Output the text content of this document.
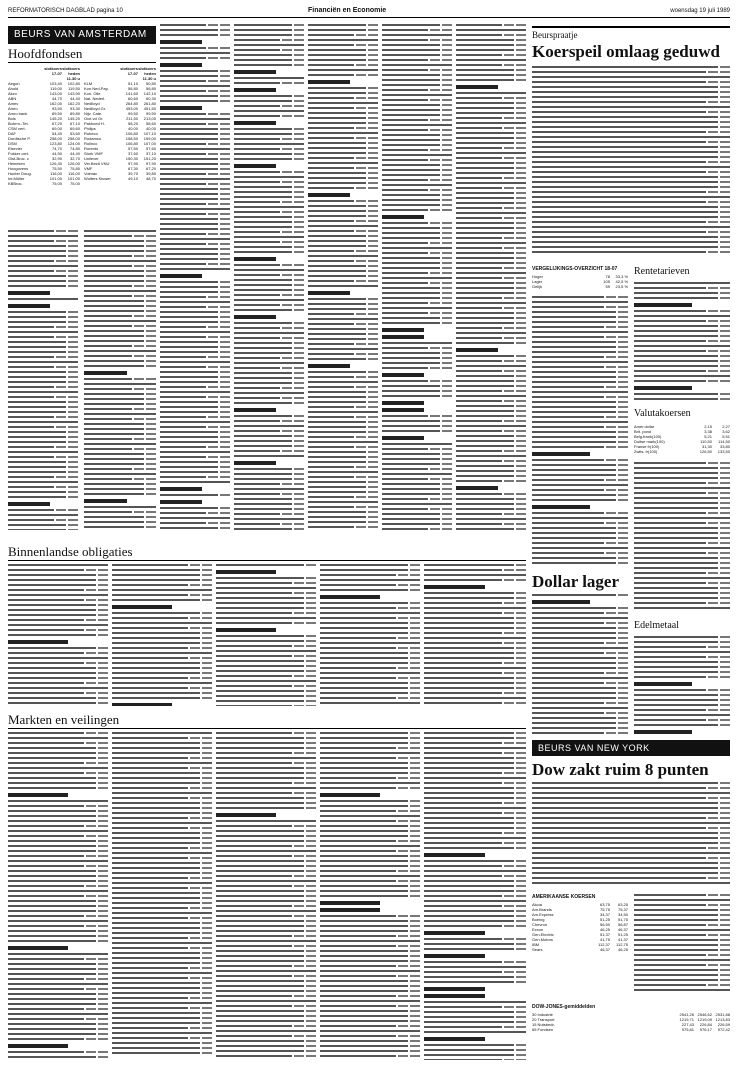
REFORMATORISCH DAGBLAD pagina 10	Financiën en Economie	woensdag 19 juli 1989
BEURS VAN AMSTERDAM
Hoofdfondsen
slotkoers 17-07
slotkoers heden 11.30 u
Aegon	103,40	102,80
Ahold	119,00	119,50
Akzo	143,00	143,90
ABN	44,70	44,40
Amev	162,00	162,20
Amro	93,50	93,30
Amro bank	89,50	89,80
Bols	145,20	145,20
Buhrm.-Tet.	67,20	67,10
CSM cert.	69,00	69,60
DAF	54,40	53,60
Dordtsche P.	258,00	258,00
DSM	123,80	124,00
Elsevier	74,70	74,80
Fokker cert.	44,50	44,40
Gist-Broc. c	32,90	32,70
Heineken	126,30	126,00
Hoogovens	75,50	75,80
Hunter Doug.	116,00	116,00
Int.Müller	101,00	101,00
KBBroc.	75,00	75,00
slotkoers 17-07
slotkoers heden 11.30 u
KLM	51,10	50,80
Kon.Ned.Pap.	56,80	56,80
Kon. Olie	141,60	142,10
Nat. Nederl.	60,60	60,30
Nedlloyd	264,80	261,80
Nedlloyd Gr.	453,00	451,50
Nijv. Cate.	99,50	99,50
Océ-vd Gr.	211,50	213,00
Pakhoed H.	58,20	58,60
Philips	40,00	40,00
Robeco	106,80	107,10
Rodamco	158,50	159,00
Rolinco	106,80	107,00
Rorento	57,50	57,60
Stork VMF	37,60	37,10
Unilever	150,30	151,20
Ver.Bezit VNU	97,90	97,90
VMF	67,30	67,20
Volmac	39,70	39,80
Wolters Kluwer	49,10	48,70
Binnenlandse obligaties
Markten en veilingen
Beurspraatje
Koerspeil omlaag geduwd
VERGELIJKINGS-OVERZICHT 18-07
Hoger	78	33,3 %
Lager	105	42,5 %
Gelijk	59	23,5 %
Rentetarieven
Valutakoersen
Amer.dollar	2,15	2,27
Brit. pond	3,38	3,62
Belg.frank(100)	5,21	5,51
Duitse mark(100)	110,50	114,50
Franse fr(100)	31,30	33,80
Zwits. fr(100)	126,50	133,50
Dollar lager
Edelmetaal
BEURS VAN NEW YORK
Dow zakt ruim 8 punten
AMERIKAANSE KOERSEN
Alcoa	63,75	63,25
Am.Brands	75,75	75,37
Am.Express	34,37	34,50
Boeing	51,25	51,75
Chevron	56,50	56,87
Exxon	46,25	46,37
Gen.Electric	51,37	51,25
Gen.Motors	41,75	41,37
IBM	112,37	112,75
Sears	46,37	46,25
DOW-JONES-gemiddelden
30 Industrie	2541,26 2546,62 2531,88
20 Transport	1219,71 1219,09 1213,83
15 Nutsbedr.	227,43	226,84	226,59
65 Fondsen	975,81	976,17	972,42
